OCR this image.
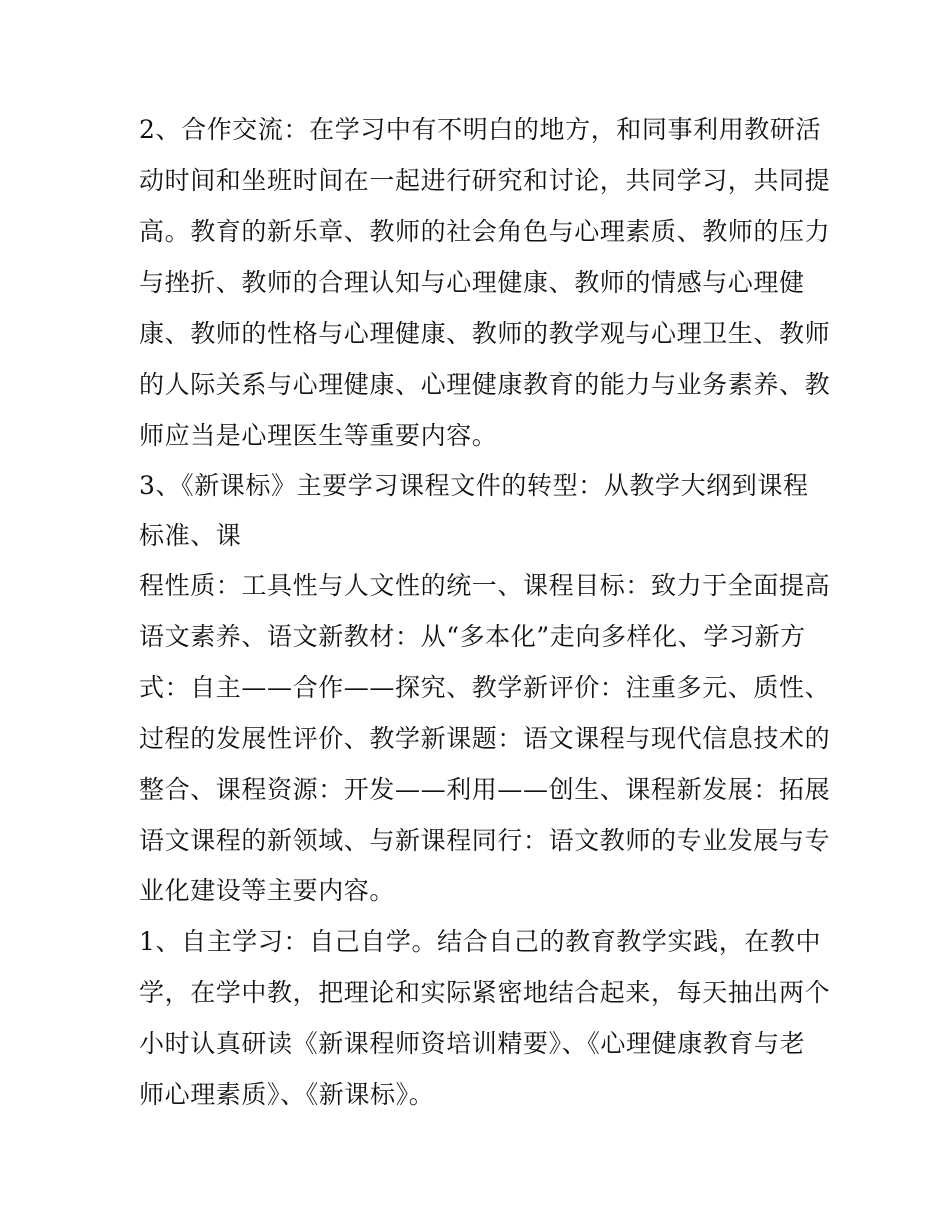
2、合作交流：在学习中有不明白的地方，和同事利用教研活

动时间和坐班时间在一起进行研究和讨论，共同学习，共同提

高。教育的新乐章、教师的社会角色与心理素质、教师的压力

与挫折、教师的合理认知与心理健康、教师的情感与心理健

康、教师的性格与心理健康、教师的教学观与心理卫生、教师

的人际关系与心理健康、心理健康教育的能力与业务素养、教

师应当是心理医生等重要内容。

3、《新课标》主要学习课程文件的转型：从教学大纲到课程

标准、课

程性质：工具性与人文性的统一、课程目标：致力于全面提高

语文素养、语文新教材：从“多本化”走向多样化、学习新方

式：自主——合作——探究、教学新评价：注重多元、质性、

过程的发展性评价、教学新课题：语文课程与现代信息技术的

整合、课程资源：开发——利用——创生、课程新发展：拓展

语文课程的新领域、与新课程同行：语文教师的专业发展与专

业化建设等主要内容。

1、自主学习：自己自学。结合自己的教育教学实践，在教中

学，在学中教，把理论和实际紧密地结合起来，每天抽出两个

小时认真研读《新课程师资培训精要》、《心理健康教育与老

师心理素质》、《新课标》。
